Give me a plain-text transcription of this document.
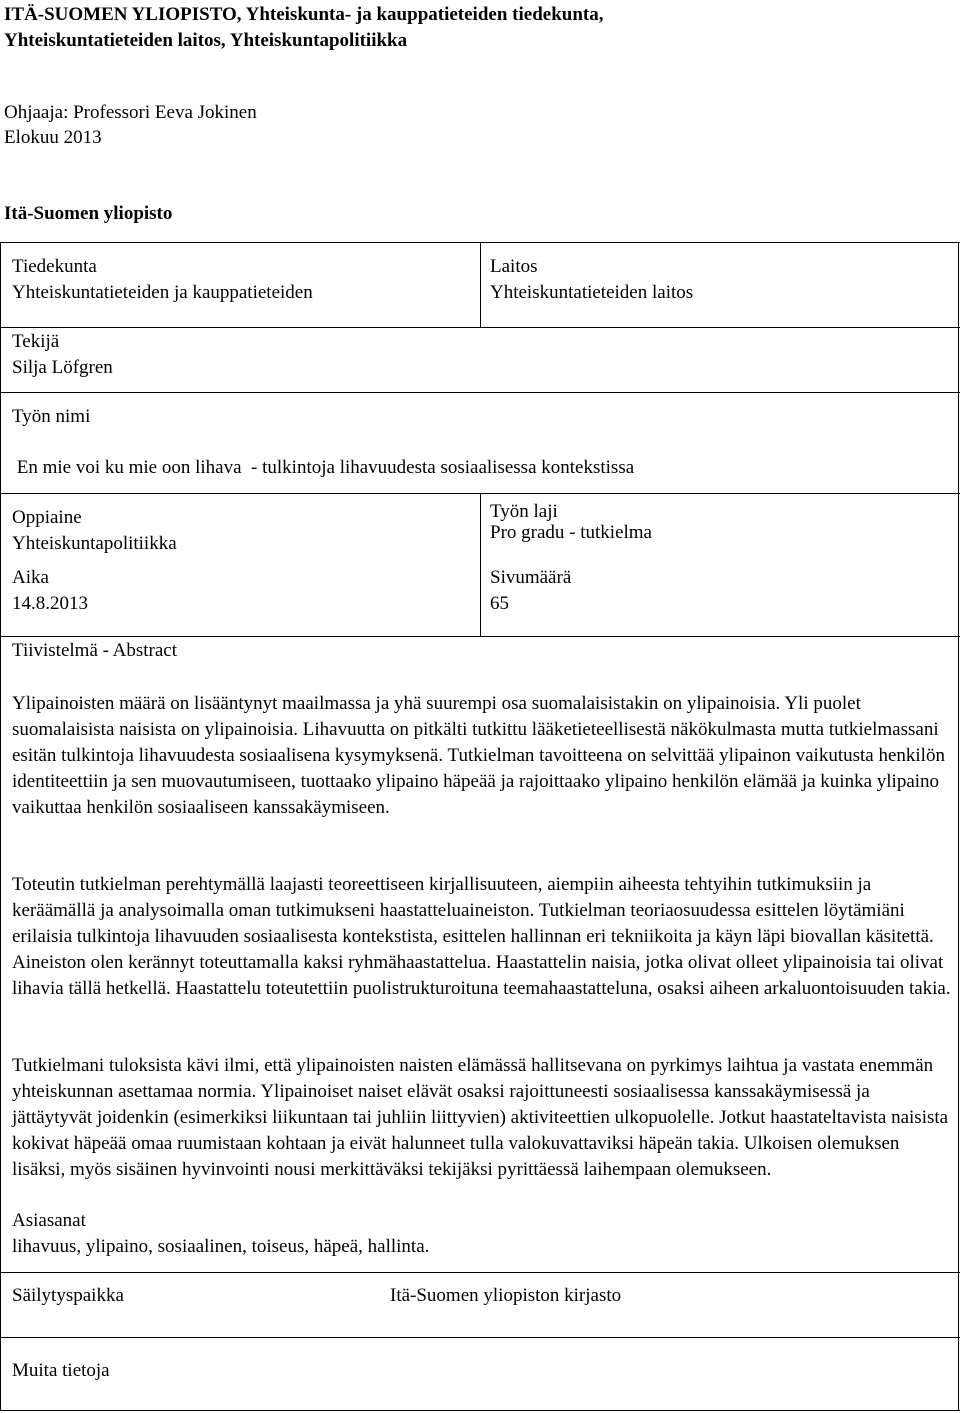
ITÄ-SUOMEN YLIOPISTO, Yhteiskunta- ja kauppatieteiden tiedekunta,
Yhteiskuntatieteiden laitos, Yhteiskuntapolitiikka
Ohjaaja: Professori Eeva Jokinen
Elokuu 2013
Itä-Suomen yliopisto
Tiedekunta
Yhteiskuntatieteiden ja kauppatieteiden
Laitos
Yhteiskuntatieteiden laitos
Tekijä
Silja Löfgren
Työn nimi
En mie voi ku mie oon lihava  - tulkintoja lihavuudesta sosiaalisessa kontekstissa
Oppiaine
Yhteiskuntapolitiikka
Työn laji
Pro gradu - tutkielma
Aika
14.8.2013
Sivumäärä
65
Tiivistelmä - Abstract

Ylipainoisten määrä on lisääntynyt maailmassa ja yhä suurempi osa suomalaisistakin on ylipainoisia. Yli puolet suomalaisista naisista on ylipainoisia. Lihavuutta on pitkälti tutkittu lääketieteellisestä näkökulmasta mutta tutkielmassani esitän tulkintoja lihavuudesta sosiaalisena kysymyksenä. Tutkielman tavoitteena on selvittää ylipainon vaikutusta henkilön identiteettiin ja sen muovautumiseen, tuottaako ylipaino häpeää ja rajoittaako ylipaino henkilön elämää ja kuinka ylipaino vaikuttaa henkilön sosiaaliseen kanssakäymiseen.

Toteutin tutkielman perehtymällä laajasti teoreettiseen kirjallisuuteen, aiempiin aiheesta tehtyihin tutkimuksiin ja keräämällä ja analysoimalla oman tutkimukseni haastatteluaineiston. Tutkielman teoriaosuudessa esittelen löytämiäni erilaisia tulkintoja lihavuuden sosiaalisesta kontekstista, esittelen hallinnan eri tekniikoita ja käyn läpi biovallan käsitettä. Aineiston olen kerännyt toteuttamalla kaksi ryhmähaastattelua. Haastattelin naisia, jotka olivat olleet ylipainoisia tai olivat lihavia tällä hetkellä. Haastattelu toteutettiin puolistrukturoituna teemahaastatteluna, osaksi aiheen arkaluontoisuuden takia.

Tutkielmani tuloksista kävi ilmi, että ylipainoisten naisten elämässä hallitsevana on pyrkimys laihtua ja vastata enemmän yhteiskunnan asettamaa normia. Ylipainoiset naiset elävät osaksi rajoittuneesti sosiaalisessa kanssakäymisessä ja jättäytyvät joidenkin (esimerkiksi liikuntaan tai juhliin liittyvien) aktiviteettien ulkopuolelle. Jotkut haastateltavista naisista kokivat häpeää omaa ruumistaan kohtaan ja eivät halunneet tulla valokuvattaviksi häpeän takia. Ulkoisen olemuksen lisäksi, myös sisäinen hyvinvointi nousi merkittäväksi tekijäksi pyrittäessä laihempaan olemukseen.

Asiasanat
lihavuus, ylipaino, sosiaalinen, toiseus, häpeä, hallinta.
Säilytyspaikka	Itä-Suomen yliopiston kirjasto
Muita tietoja
